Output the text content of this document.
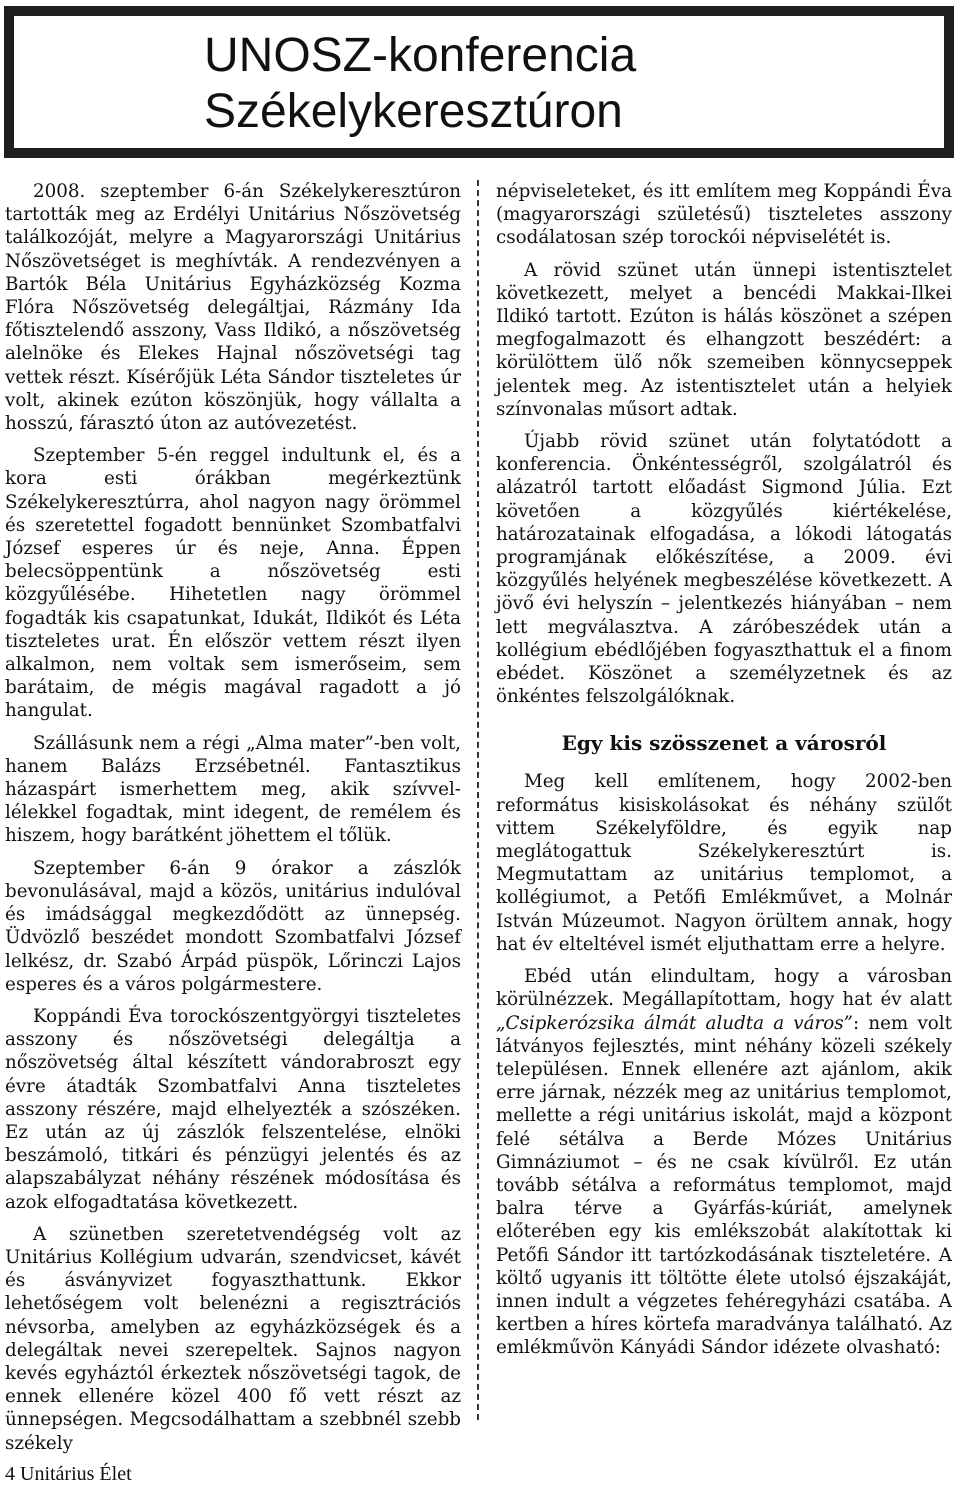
UNOSZ-konferencia
Székelykeresztúron

2008. szeptember 6-án Székelykeresztúron tartották meg az Erdélyi Unitárius Nőszövetség találkozóját, melyre a Magyarországi Unitárius Nőszövetséget is meghívták. A rendezvényen a Bartók Béla Unitárius Egyházközség Kozma Flóra Nőszövetség delegáltjai, Rázmány Ida főtisztelendő asszony, Vass Ildikó, a nőszövetség alelnöke és Elekes Hajnal nőszövetségi tag vettek részt. Kísérőjük Léta Sándor tiszteletes úr volt, akinek ezúton köszönjük, hogy vállalta a hosszú, fárasztó úton az autóvezetést.

Szeptember 5-én reggel indultunk el, és a kora esti órákban megérkeztünk Székelykeresztúrra, ahol nagyon nagy örömmel és szeretettel fogadott bennünket Szombatfalvi József esperes úr és neje, Anna. Éppen belecsöppentünk a nőszövetség esti közgyűlésébe. Hihetetlen nagy örömmel fogadták kis csapatunkat, Idukát, Ildikót és Léta tiszteletes urat. Én először vettem részt ilyen alkalmon, nem voltak sem ismerőseim, sem barátaim, de mégis magával ragadott a jó hangulat.

Szállásunk nem a régi „Alma mater”-ben volt, hanem Balázs Erzsébetnél. Fantasztikus házaspárt ismerhettem meg, akik szívvel-lélekkel fogadtak, mint idegent, de remélem és hiszem, hogy barátként jöhettem el tőlük.

Szeptember 6-án 9 órakor a zászlók bevonulásával, majd a közös, unitárius indulóval és imádsággal megkezdődött az ünnepség. Üdvözlő beszédet mondott Szombatfalvi József lelkész, dr. Szabó Árpád püspök, Lőrinczi Lajos esperes és a város polgármestere.

Koppándi Éva torockószentgyörgyi tiszteletes asszony és nőszövetségi delegáltja a nőszövetség által készített vándorabroszt egy évre átadták Szombatfalvi Anna tiszteletes asszony részére, majd elhelyezték a szószéken. Ez után az új zászlók felszentelése, elnöki beszámoló, titkári és pénzügyi jelentés és az alapszabályzat néhány részének módosítása és azok elfogadtatása következett.

A szünetben szeretetvendégség volt az Unitárius Kollégium udvarán, szendvicset, kávét és ásványvizet fogyaszthattunk. Ekkor lehetőségem volt belenézni a regisztrációs névsorba, amelyben az egyházközségek és a delegáltak nevei szerepeltek. Sajnos nagyon kevés egyháztól érkeztek nőszövetségi tagok, de ennek ellenére közel 400 fő vett részt az ünnepségen. Megcsodálhattam a szebbnél szebb székely

népviseleteket, és itt említem meg Koppándi Éva (magyarországi születésű) tiszteletes asszony csodálatosan szép torockói népviselétét is.

A rövid szünet után ünnepi istentisztelet következett, melyet a bencédi Makkai-Ilkei Ildikó tartott. Ezúton is hálás köszönet a szépen megfogalmazott és elhangzott beszédért: a körülöttem ülő nők szemeiben könnycseppek jelentek meg. Az istentisztelet után a helyiek színvonalas műsort adtak.

Újabb rövid szünet után folytatódott a konferencia. Önkéntességről, szolgálatról és alázatról tartott előadást Sigmond Júlia. Ezt követően a közgyűlés kiértékelése, határozatainak elfogadása, a lókodi látogatás programjának előkészítése, a 2009. évi közgyűlés helyének megbeszélése következett. A jövő évi helyszín – jelentkezés hiányában – nem lett megválasztva. A záróbeszédek után a kollégium ebédlőjében fogyaszthattuk el a finom ebédet. Köszönet a személyzetnek és az önkéntes felszolgálóknak.

Egy kis szösszenet a városról

Meg kell említenem, hogy 2002-ben református kisiskolásokat és néhány szülőt vittem Székelyföldre, és egyik nap meglátogattuk Székelykeresztúrt is. Megmutattam az unitárius templomot, a kollégiumot, a Petőfi Emlékművet, a Molnár István Múzeumot. Nagyon örültem annak, hogy hat év elteltével ismét eljuthattam erre a helyre.

Ebéd után elindultam, hogy a városban körülnézzek. Megállapítottam, hogy hat év alatt „Csipkerózsika álmát aludta a város”: nem volt látványos fejlesztés, mint néhány közeli székely településen. Ennek ellenére azt ajánlom, akik erre járnak, nézzék meg az unitárius templomot, mellette a régi unitárius iskolát, majd a központ felé sétálva a Berde Mózes Unitárius Gimnáziumot – és ne csak kívülről. Ez után tovább sétálva a református templomot, majd balra térve a Gyárfás-kúriát, amelynek előterében egy kis emlékszobát alakítottak ki Petőfi Sándor itt tartózkodásának tiszteletére. A költő ugyanis itt töltötte élete utolsó éjszakáját, innen indult a végzetes fehéregyházi csatába. A kertben a híres körtefa maradványa található. Az emlékművön Kányádi Sándor idézete olvasható:

4 Unitárius Élet
